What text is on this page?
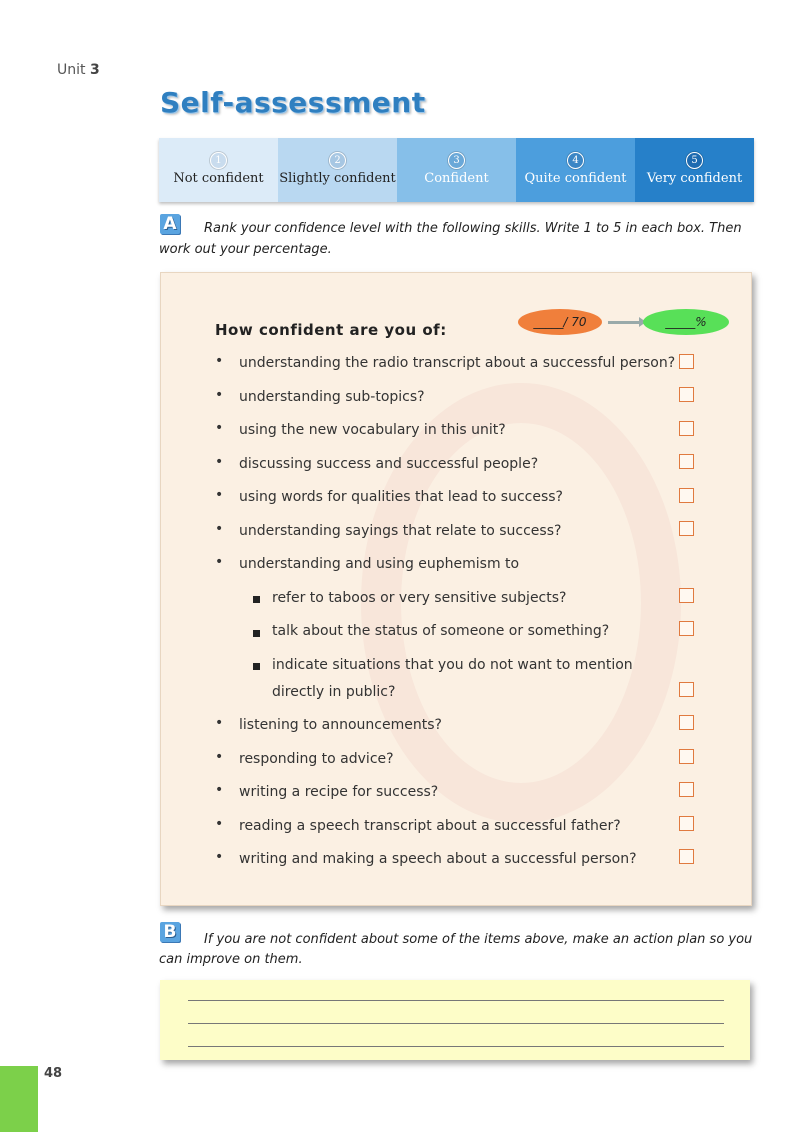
Unit 3
Self-assessment
1
Not confident
2
Slightly confident
3
Confident
4
Quite confident
5
Very confident
A Rank your confidence level with the following skills. Write 1 to 5 in each box. Then
work out your percentage.
How confident are you of:	_____/ 70	_____%
• understanding the radio transcript about a successful person?
• understanding sub-topics?
• using the new vocabulary in this unit?
• discussing success and successful people?
• using words for qualities that lead to success?
• understanding sayings that relate to success?
• understanding and using euphemism to
refer to taboos or very sensitive subjects?
talk about the status of someone or something?
indicate situations that you do not want to mention
directly in public?
• listening to announcements?
• responding to advice?
• writing a recipe for success?
• reading a speech transcript about a successful father?
• writing and making a speech about a successful person?
B If you are not confident about some of the items above, make an action plan so you
can improve on them.
48
